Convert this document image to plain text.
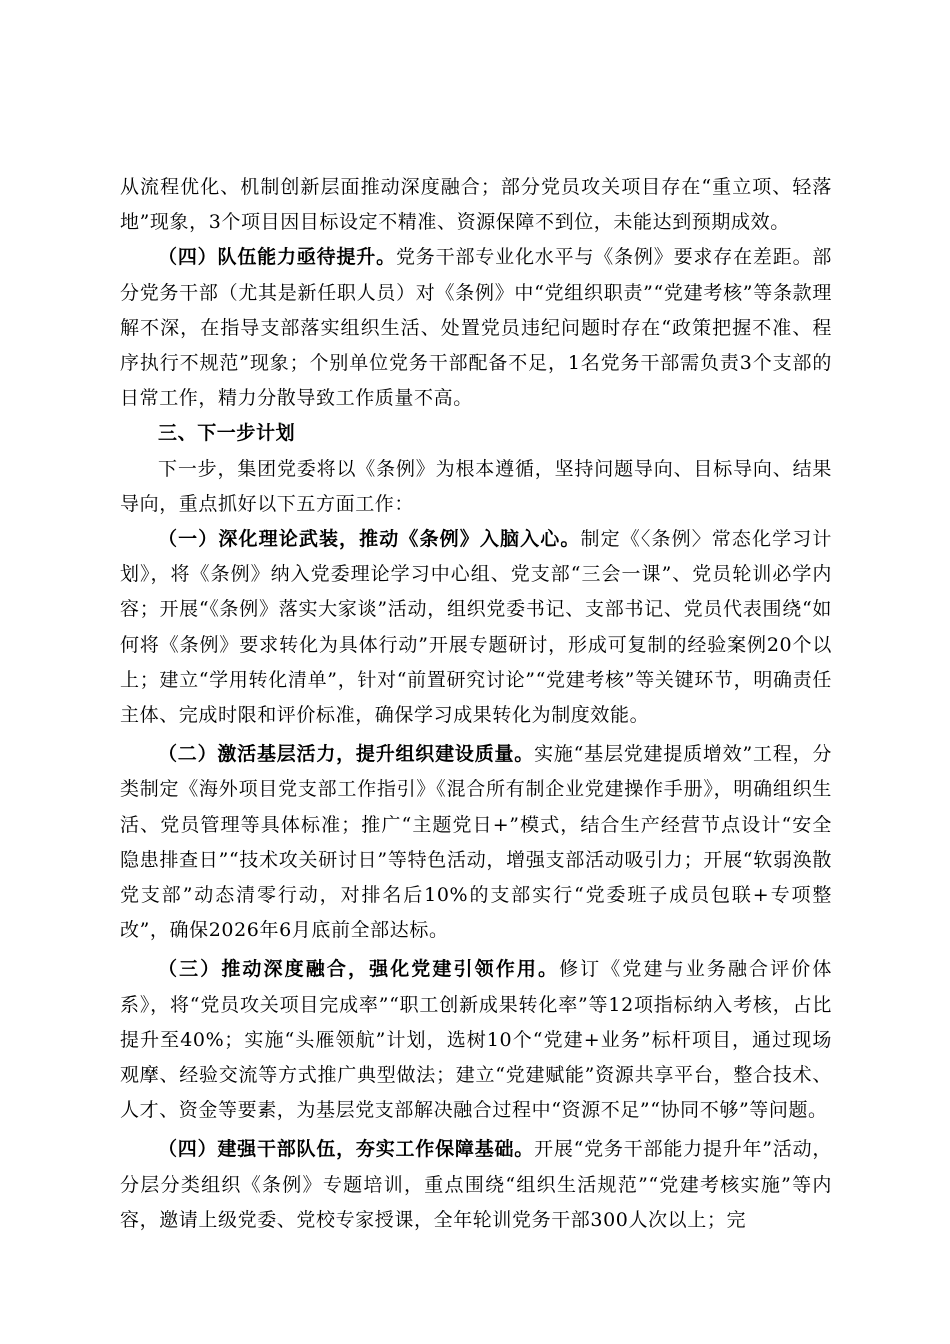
从流程优化、机制创新层面推动深度融合；部分党员攻关项目存在“重立项、轻落地”现象，3个项目因目标设定不精准、资源保障不到位，未能达到预期成效。

（四）队伍能力亟待提升。党务干部专业化水平与《条例》要求存在差距。部分党务干部（尤其是新任职人员）对《条例》中“党组织职责”“党建考核”等条款理解不深，在指导支部落实组织生活、处置党员违纪问题时存在“政策把握不准、程序执行不规范”现象；个别单位党务干部配备不足，1名党务干部需负责3个支部的日常工作，精力分散导致工作质量不高。

三、下一步计划

下一步，集团党委将以《条例》为根本遵循，坚持问题导向、目标导向、结果导向，重点抓好以下五方面工作：

（一）深化理论武装，推动《条例》入脑入心。制定《〈条例〉常态化学习计划》，将《条例》纳入党委理论学习中心组、党支部“三会一课”、党员轮训必学内容；开展“《条例》落实大家谈”活动，组织党委书记、支部书记、党员代表围绕“如何将《条例》要求转化为具体行动”开展专题研讨，形成可复制的经验案例20个以上；建立“学用转化清单”，针对“前置研究讨论”“党建考核”等关键环节，明确责任主体、完成时限和评价标准，确保学习成果转化为制度效能。

（二）激活基层活力，提升组织建设质量。实施“基层党建提质增效”工程，分类制定《海外项目党支部工作指引》《混合所有制企业党建操作手册》，明确组织生活、党员管理等具体标准；推广“主题党日+”模式，结合生产经营节点设计“安全隐患排查日”“技术攻关研讨日”等特色活动，增强支部活动吸引力；开展“软弱涣散党支部”动态清零行动，对排名后10%的支部实行“党委班子成员包联+专项整改”，确保2026年6月底前全部达标。

（三）推动深度融合，强化党建引领作用。修订《党建与业务融合评价体系》，将“党员攻关项目完成率”“职工创新成果转化率”等12项指标纳入考核，占比提升至40%；实施“头雁领航”计划，选树10个“党建+业务”标杆项目，通过现场观摩、经验交流等方式推广典型做法；建立“党建赋能”资源共享平台，整合技术、人才、资金等要素，为基层党支部解决融合过程中“资源不足”“协同不够”等问题。

（四）建强干部队伍，夯实工作保障基础。开展“党务干部能力提升年”活动，分层分类组织《条例》专题培训，重点围绕“组织生活规范”“党建考核实施”等内容，邀请上级党委、党校专家授课，全年轮训党务干部300人次以上；完
